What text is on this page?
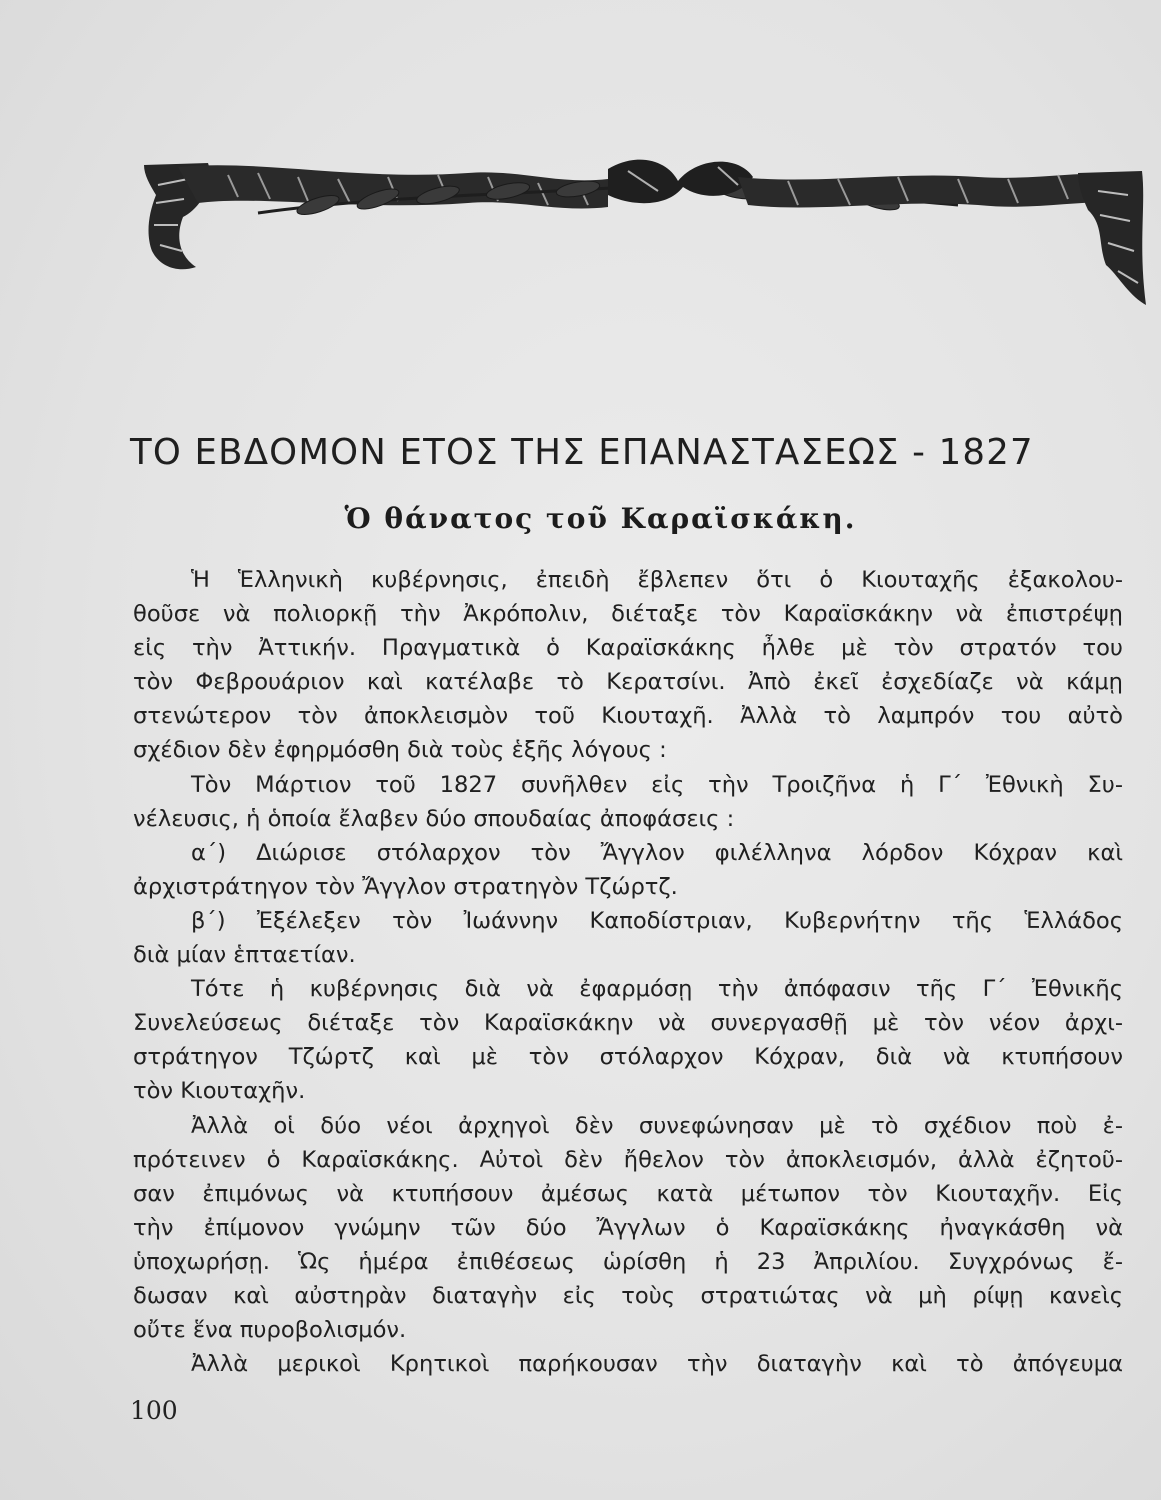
ΤΟ ΕΒΔΟΜΟΝ ΕΤΟΣ ΤΗΣ ΕΠΑΝΑΣΤΑΣΕΩΣ - 1827
Ὁ θάνατος τοῦ Καραϊσκάκη.
Ἡ Ἑλληνικὴ κυβέρνησις, ἐπειδὴ ἔβλεπεν ὅτι ὁ Κιουταχῆς ἐξακολου-
θοῦσε νὰ πολιορκῇ τὴν Ἀκρόπολιν, διέταξε τὸν Καραϊσκάκην νὰ ἐπιστρέψῃ
εἰς τὴν Ἀττικήν. Πραγματικὰ ὁ Καραϊσκάκης ἦλθε μὲ τὸν στρατόν του
τὸν Φεβρουάριον καὶ κατέλαβε τὸ Κερατσίνι. Ἀπὸ ἐκεῖ ἐσχεδίαζε νὰ κάμῃ
στενώτερον τὸν ἀποκλεισμὸν τοῦ Κιουταχῆ. Ἀλλὰ τὸ λαμπρόν του αὐτὸ
σχέδιον δὲν ἐφηρμόσθη διὰ τοὺς ἑξῆς λόγους :
Τὸν Μάρτιον τοῦ 1827 συνῆλθεν εἰς τὴν Τροιζῆνα ἡ Γ΄ Ἐθνικὴ Συ-
νέλευσις, ἡ ὁποία ἔλαβεν δύο σπουδαίας ἀποφάσεις :
α΄) Διώρισε στόλαρχον τὸν Ἄγγλον φιλέλληνα λόρδον Κόχραν καὶ
ἀρχιστράτηγον τὸν Ἄγγλον στρατηγὸν Τζώρτζ.
β΄) Ἐξέλεξεν τὸν Ἰωάννην Καποδίστριαν, Κυβερνήτην τῆς Ἑλλάδος
διὰ μίαν ἑπταετίαν.
Τότε ἡ κυβέρνησις διὰ νὰ ἐφαρμόσῃ τὴν ἀπόφασιν τῆς Γ΄ Ἐθνικῆς
Συνελεύσεως διέταξε τὸν Καραϊσκάκην νὰ συνεργασθῇ μὲ τὸν νέον ἀρχι-
στράτηγον Τζώρτζ καὶ μὲ τὸν στόλαρχον Κόχραν, διὰ νὰ κτυπήσουν
τὸν Κιουταχῆν.
Ἀλλὰ οἱ δύο νέοι ἀρχηγοὶ δὲν συνεφώνησαν μὲ τὸ σχέδιον ποὺ ἐ-
πρότεινεν ὁ Καραϊσκάκης. Αὐτοὶ δὲν ἤθελον τὸν ἀποκλεισμόν, ἀλλὰ ἐζητοῦ-
σαν ἐπιμόνως νὰ κτυπήσουν ἀμέσως κατὰ μέτωπον τὸν Κιουταχῆν. Εἰς
τὴν ἐπίμονον γνώμην τῶν δύο Ἄγγλων ὁ Καραϊσκάκης ἠναγκάσθη νὰ
ὑποχωρήσῃ. Ὡς ἡμέρα ἐπιθέσεως ὡρίσθη ἡ 23 Ἀπριλίου. Συγχρόνως ἔ-
δωσαν καὶ αὐστηρὰν διαταγὴν εἰς τοὺς στρατιώτας νὰ μὴ ρίψῃ κανεὶς
οὔτε ἕνα πυροβολισμόν.
Ἀλλὰ μερικοὶ Κρητικοὶ παρήκουσαν τὴν διαταγὴν καὶ τὸ ἀπόγευμα

100
